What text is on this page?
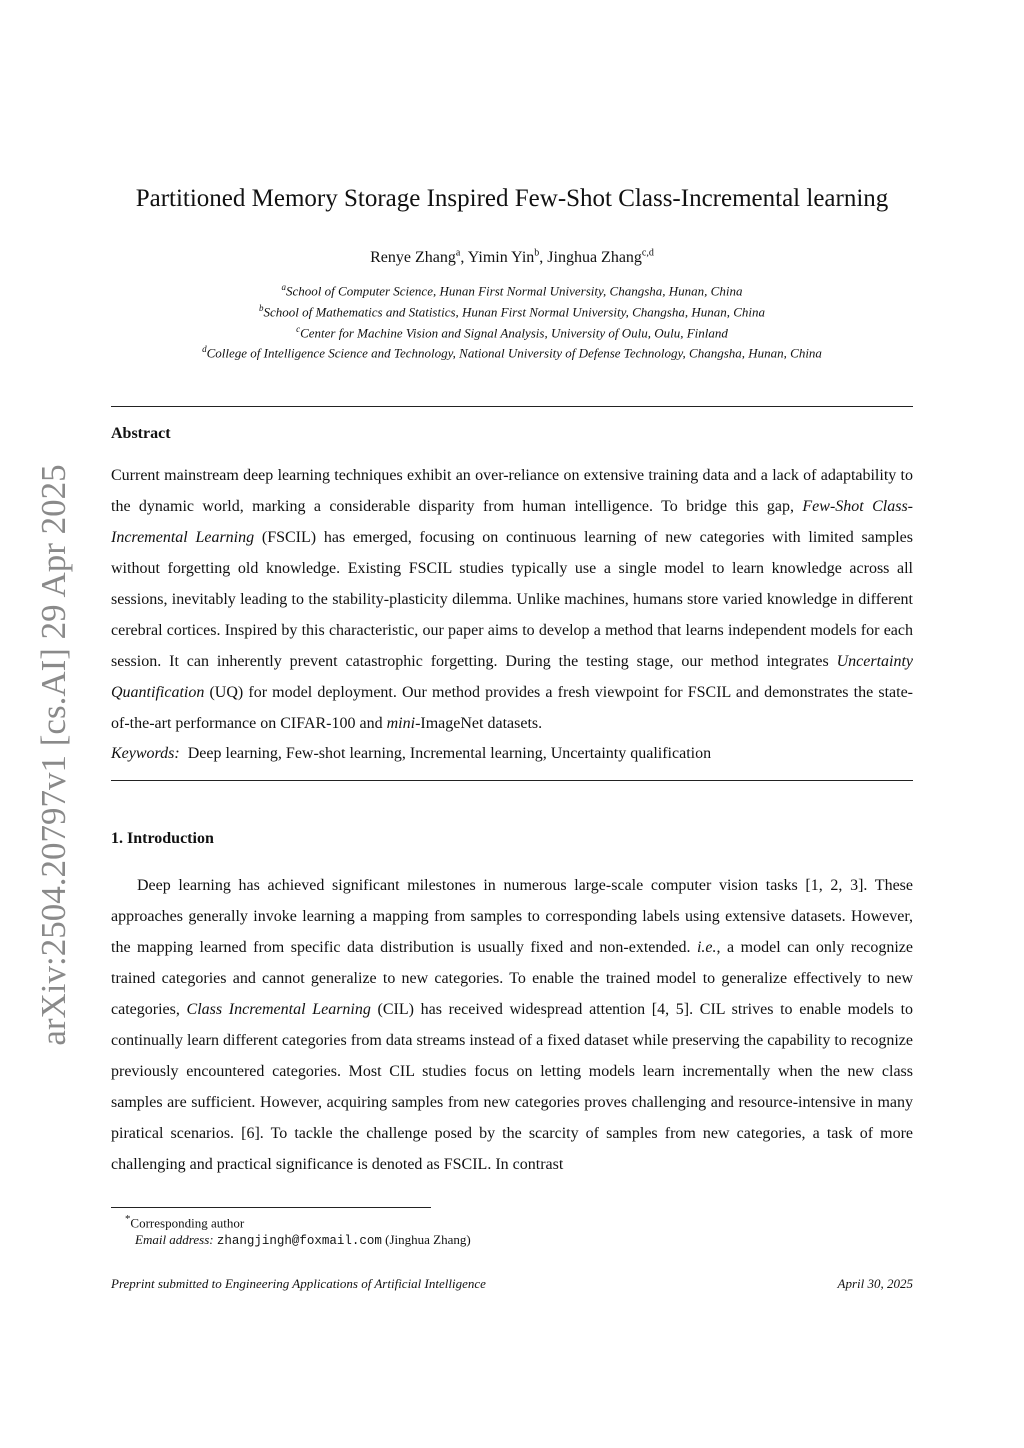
arXiv:2504.20797v1 [cs.AI] 29 Apr 2025
Partitioned Memory Storage Inspired Few-Shot Class-Incremental learning
Renye Zhang$^a$, Yimin Yin$^b$, Jinghua Zhang$^{c,d}$
$^a$School of Computer Science, Hunan First Normal University, Changsha, Hunan, China
$^b$School of Mathematics and Statistics, Hunan First Normal University, Changsha, Hunan, China
$^c$Center for Machine Vision and Signal Analysis, University of Oulu, Oulu, Finland
$^d$College of Intelligence Science and Technology, National University of Defense Technology, Changsha, Hunan, China
Abstract

Current mainstream deep learning techniques exhibit an over-reliance on extensive training data and a lack of adaptability to the dynamic world, marking a considerable disparity from human intelligence. To bridge this gap, Few-Shot Class-Incremental Learning (FSCIL) has emerged, focusing on continuous learning of new categories with limited samples without forgetting old knowledge. Existing FSCIL studies typically use a single model to learn knowledge across all sessions, inevitably leading to the stability-plasticity dilemma. Unlike machines, humans store varied knowledge in different cerebral cortices. Inspired by this characteristic, our paper aims to develop a method that learns independent models for each session. It can inherently prevent catastrophic forgetting. During the testing stage, our method integrates Uncertainty Quantification (UQ) for model deployment. Our method provides a fresh viewpoint for FSCIL and demonstrates the state-of-the-art performance on CIFAR-100 and mini-ImageNet datasets.

Keywords: Deep learning, Few-shot learning, Incremental learning, Uncertainty qualification
1. Introduction

Deep learning has achieved significant milestones in numerous large-scale computer vision tasks [1, 2, 3]. These approaches generally invoke learning a mapping from samples to corresponding labels using extensive datasets. However, the mapping learned from specific data distribution is usually fixed and non-extended. i.e., a model can only recognize trained categories and cannot generalize to new categories. To enable the trained model to generalize effectively to new categories, Class Incremental Learning (CIL) has received widespread attention [4, 5]. CIL strives to enable models to continually learn different categories from data streams instead of a fixed dataset while preserving the capability to recognize previously encountered categories. Most CIL studies focus on letting models learn incrementally when the new class samples are sufficient. However, acquiring samples from new categories proves challenging and resource-intensive in many piratical scenarios. [6]. To tackle the challenge posed by the scarcity of samples from new categories, a task of more challenging and practical significance is denoted as FSCIL. In contrast

*Corresponding author
Email address: zhangjingh@foxmail.com (Jinghua Zhang)
Preprint submitted to Engineering Applications of Artificial Intelligence	April 30, 2025
